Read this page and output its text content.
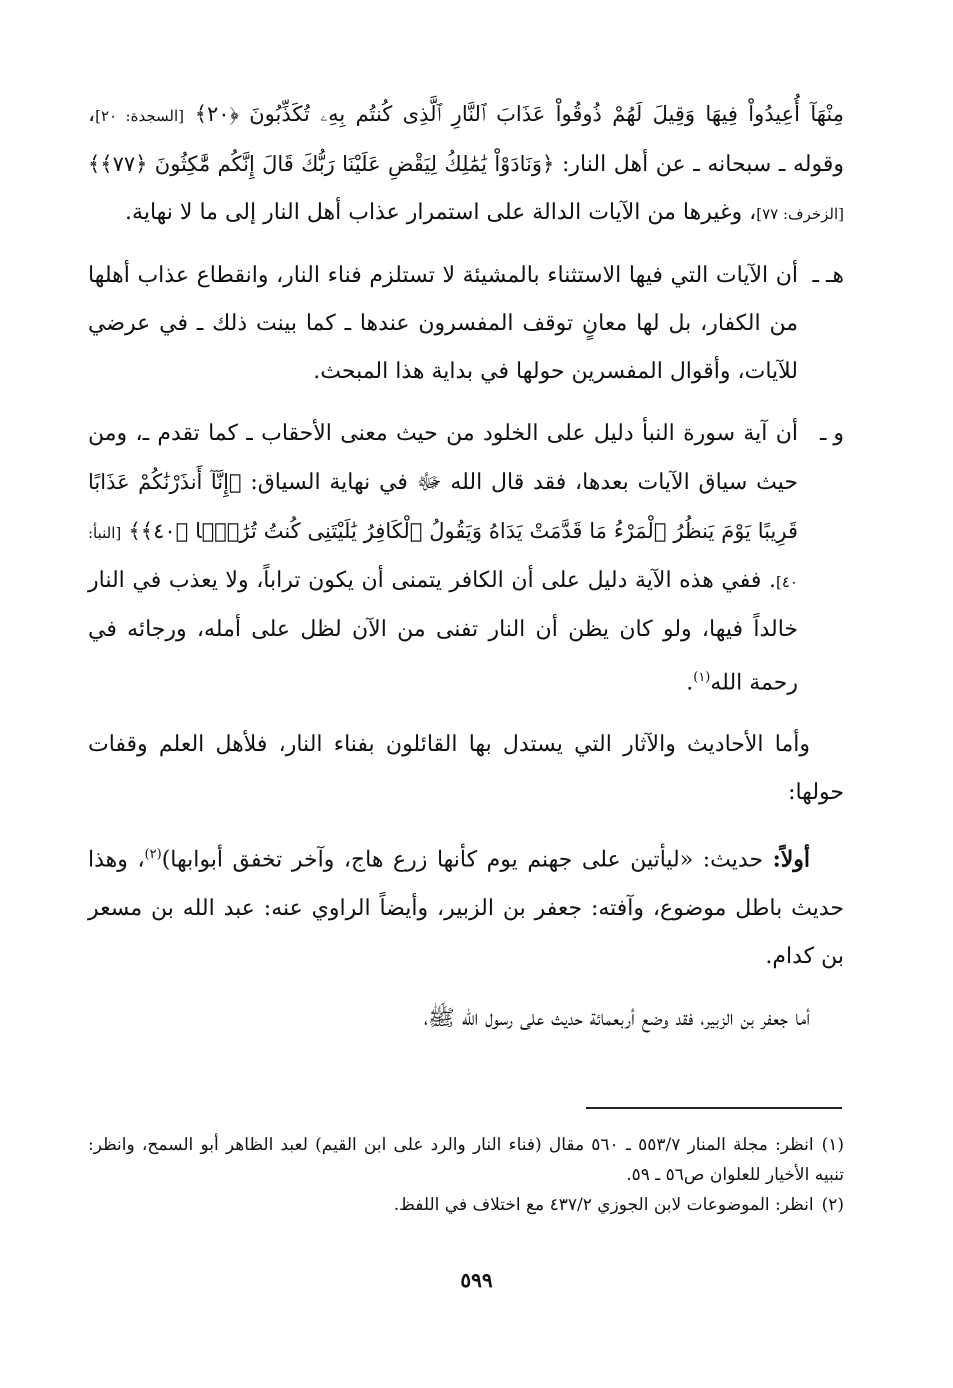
مِنْهَآ أُعِيدُواْ فِيهَا وَقِيلَ لَهُمْ ذُوقُواْ عَذَابَ ٱلنَّارِ ٱلَّذِى كُنتُم بِهِۦ تُكَذِّبُونَ ﴿٢٠﴾ [السجدة: ٢٠]، وقوله ـ سبحانه ـ عن أهل النار: ﴿وَنَادَوْاْ يَٰمَٰلِكُ لِيَقْضِ عَلَيْنَا رَبُّكَ قَالَ إِنَّكُم مَّٰكِثُونَ ﴿٧٧﴾﴾ [الزخرف: ٧٧]، وغيرها من الآيات الدالة على استمرار عذاب أهل النار إلى ما لا نهاية.

هـ ـ
أن الآيات التي فيها الاستثناء بالمشيئة لا تستلزم فناء النار، وانقطاع عذاب أهلها من الكفار، بل لها معانٍ توقف المفسرون عندها ـ كما بينت ذلك ـ في عرضي للآيات، وأقوال المفسرين حولها في بداية هذا المبحث.
و ـ
أن آية سورة النبأ دليل على الخلود من حيث معنى الأحقاب ـ كما تقدم ـ، ومن حيث سياق الآيات بعدها، فقد قال الله ﷻ في نهاية السياق: ﴿إِنَّآ أَنذَرْنَٰكُمْ عَذَابًا قَرِيبًا يَوْمَ يَنظُرُ ٱلْمَرْءُ مَا قَدَّمَتْ يَدَاهُ وَيَقُولُ ٱلْكَافِرُ يَٰلَيْتَنِى كُنتُ تُرَٰبًۢا ﴿٤٠﴾﴾ [النبأ: ٤٠]. ففي هذه الآية دليل على أن الكافر يتمنى أن يكون تراباً، ولا يعذب في النار خالداً فيها، ولو كان يظن أن النار تفنى من الآن لظل على أمله، ورجائه في رحمة الله$^{(١)}$.

وأما الأحاديث والآثار التي يستدل بها القائلون بفناء النار، فلأهل العلم وقفات حولها:

أولاً: حديث: «ليأتين على جهنم يوم كأنها زرع هاج، وآخر تخفق أبوابها)$^{(٢)}$، وهذا حديث باطل موضوع، وآفته: جعفر بن الزبير، وأيضاً الراوي عنه: عبد الله بن مسعر بن كدام.

أما جعفر بن الزبير، فقد وضع أربعمائة حديث على رسول الله ﷺ،

(١)انظر: مجلة المنار ٥٥٣/٧ ـ ٥٦٠ مقال (فناء النار والرد على ابن القيم) لعبد الظاهر أبو السمح، وانظر: تنبيه الأخيار للعلوان ص٥٦ ـ ٥٩.

(٢)انظر: الموضوعات لابن الجوزي ٤٣٧/٢ مع اختلاف في اللفظ.

٥٩٩
